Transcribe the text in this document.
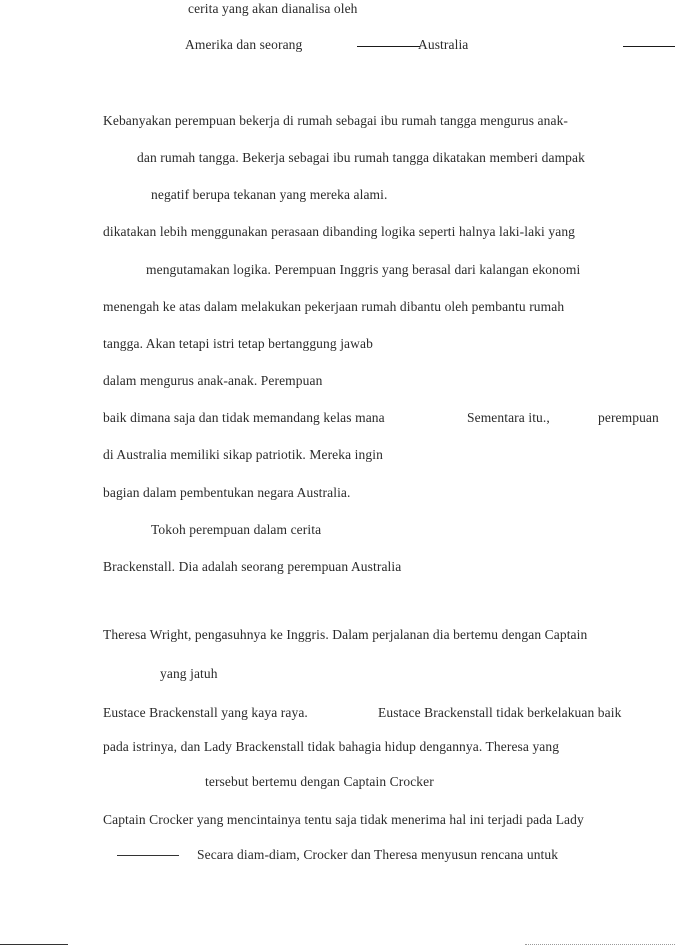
cerita yang akan dianalisa oleh
Amerika dan seorang	Australia
Kebanyakan perempuan bekerja di rumah sebagai ibu rumah tangga mengurus anak-
dan rumah tangga. Bekerja sebagai ibu rumah tangga dikatakan memberi dampak
negatif berupa tekanan yang mereka alami.
dikatakan lebih menggunakan perasaan dibanding logika seperti halnya laki-laki yang
mengutamakan logika. Perempuan Inggris yang berasal dari kalangan ekonomi
menengah ke atas dalam melakukan pekerjaan rumah dibantu oleh pembantu rumah
tangga. Akan tetapi istri tetap bertanggung jawab
dalam mengurus anak-anak. Perempuan
baik dimana saja dan tidak memandang kelas mana	Sementara itu.,	perempuan
di Australia memiliki sikap patriotik. Mereka ingin
bagian dalam pembentukan negara Australia.
Tokoh perempuan dalam cerita
Brackenstall. Dia adalah seorang perempuan Australia
Theresa Wright, pengasuhnya ke Inggris. Dalam perjalanan dia bertemu dengan Captain
yang jatuh
Eustace Brackenstall yang kaya raya.	Eustace Brackenstall tidak berkelakuan baik
pada istrinya, dan Lady Brackenstall tidak bahagia hidup dengannya. Theresa yang
tersebut bertemu dengan Captain Crocker
Captain Crocker yang mencintainya tentu saja tidak menerima hal ini terjadi pada Lady
Secara diam-diam, Crocker dan Theresa menyusun rencana untuk
